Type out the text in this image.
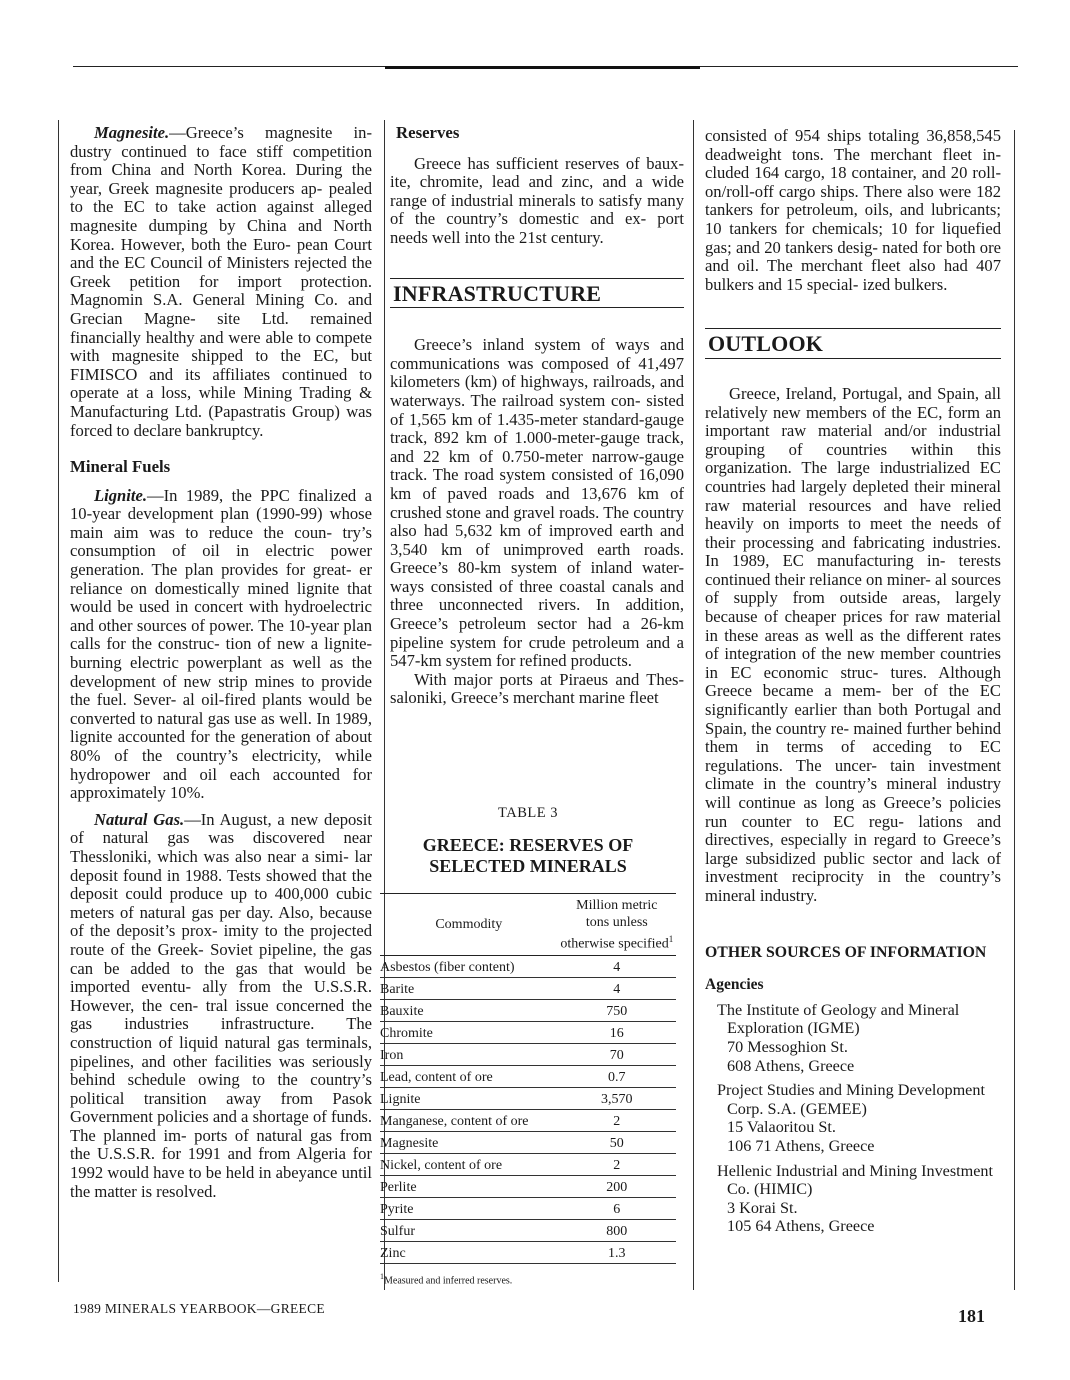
Magnesite.—Greece’s magnesite in- dustry continued to face stiff competition from China and North Korea. During the year, Greek magnesite producers ap- pealed to the EC to take action against alleged magnesite dumping by China and North Korea. However, both the Euro- pean Court and the EC Council of Ministers rejected the Greek petition for import protection. Magnomin S.A. General Mining Co. and Grecian Magne- site Ltd. remained financially healthy and were able to compete with magnesite shipped to the EC, but FIMISCO and its affiliates continued to operate at a loss, while Mining Trading & Manufacturing Ltd. (Papastratis Group) was forced to declare bankruptcy.

Mineral Fuels

Lignite.—In 1989, the PPC finalized a 10-year development plan (1990-99) whose main aim was to reduce the coun- try’s consumption of oil in electric power generation. The plan provides for great- er reliance on domestically mined lignite that would be used in concert with hydroelectric and other sources of power. The 10-year plan calls for the construc- tion of new a lignite-burning electric powerplant as well as the development of new strip mines to provide the fuel. Sever- al oil-fired plants would be converted to natural gas use as well. In 1989, lignite accounted for the generation of about 80% of the country’s electricity, while hydropower and oil each accounted for approximately 10%.

Natural Gas.—In August, a new deposit of natural gas was discovered near Thessloniki, which was also near a simi- lar deposit found in 1988. Tests showed that the deposit could produce up to 400,000 cubic meters of natural gas per day. Also, because of the deposit’s prox- imity to the projected route of the Greek- Soviet pipeline, the gas can be added to the gas that would be imported eventu- ally from the U.S.S.R. However, the cen- tral issue concerned the gas industries infrastructure. The construction of liquid natural gas terminals, pipelines, and other facilities was seriously behind schedule owing to the country’s political transition away from Pasok Government policies and a shortage of funds. The planned im- ports of natural gas from the U.S.S.R. for 1991 and from Algeria for 1992 would have to be held in abeyance until the matter is resolved.

Reserves

Greece has sufficient reserves of baux- ite, chromite, lead and zinc, and a wide range of industrial minerals to satisfy many of the country’s domestic and ex- port needs well into the 21st century.

INFRASTRUCTURE

Greece’s inland system of ways and communications was composed of 41,497 kilometers (km) of highways, railroads, and waterways. The railroad system con- sisted of 1,565 km of 1.435-meter standard-gauge track, 892 km of 1.000-meter-gauge track, and 22 km of 0.750-meter narrow-gauge track. The road system consisted of 16,090 km of paved roads and 13,676 km of crushed stone and gravel roads. The country also had 5,632 km of improved earth and 3,540 km of unimproved earth roads. Greece’s 80-km system of inland water- ways consisted of three coastal canals and three unconnected rivers. In addition, Greece’s petroleum sector had a 26-km pipeline system for crude petroleum and a 547-km system for refined products.

With major ports at Piraeus and Thes- saloniki, Greece’s merchant marine fleet

TABLE 3
GREECE: RESERVES OF
SELECTED MINERALS
Commodity	Million metric
tons unless
otherwise specified$^1$

Asbestos (fiber content)	4
Barite	4
Bauxite	750
Chromite	16
Iron	70
Lead, content of ore	0.7
Lignite	3,570
Manganese, content of ore	2
Magnesite	50
Nickel, content of ore	2
Perlite	200
Pyrite	6
Sulfur	800
Zinc	1.3
$^1$Measured and inferred reserves.

consisted of 954 ships totaling 36,858,545 deadweight tons. The merchant fleet in- cluded 164 cargo, 18 container, and 20 roll-on/roll-off cargo ships. There also were 182 tankers for petroleum, oils, and lubricants; 10 tankers for chemicals; 10 for liquefied gas; and 20 tankers desig- nated for both ore and oil. The merchant fleet also had 407 bulkers and 15 special- ized bulkers.

OUTLOOK

Greece, Ireland, Portugal, and Spain, all relatively new members of the EC, form an important raw material and/or industrial grouping of countries within this organization. The large industrialized EC countries had largely depleted their mineral raw material resources and have relied heavily on imports to meet the needs of their processing and fabricating industries. In 1989, EC manufacturing in- terests continued their reliance on miner- al sources of supply from outside areas, largely because of cheaper prices for raw material in these areas as well as the different rates of integration of the new member countries in EC economic struc- tures. Although Greece became a mem- ber of the EC significantly earlier than both Portugal and Spain, the country re- mained further behind them in terms of acceding to EC regulations. The uncer- tain investment climate in the country’s mineral industry will continue as long as Greece’s policies run counter to EC regu- lations and directives, especially in regard to Greece’s large subsidized public sector and lack of investment reciprocity in the country’s mineral industry.

OTHER SOURCES OF INFORMATION
Agencies
The Institute of Geology and Mineral
Exploration (IGME)
70 Messoghion St.
608 Athens, Greece
Project Studies and Mining Development
Corp. S.A. (GEMEE)
15 Valaoritou St.
106 71 Athens, Greece
Hellenic Industrial and Mining Investment
Co. (HIMIC)
3 Korai St.
105 64 Athens, Greece
1989 MINERALS YEARBOOK—GREECE	181
